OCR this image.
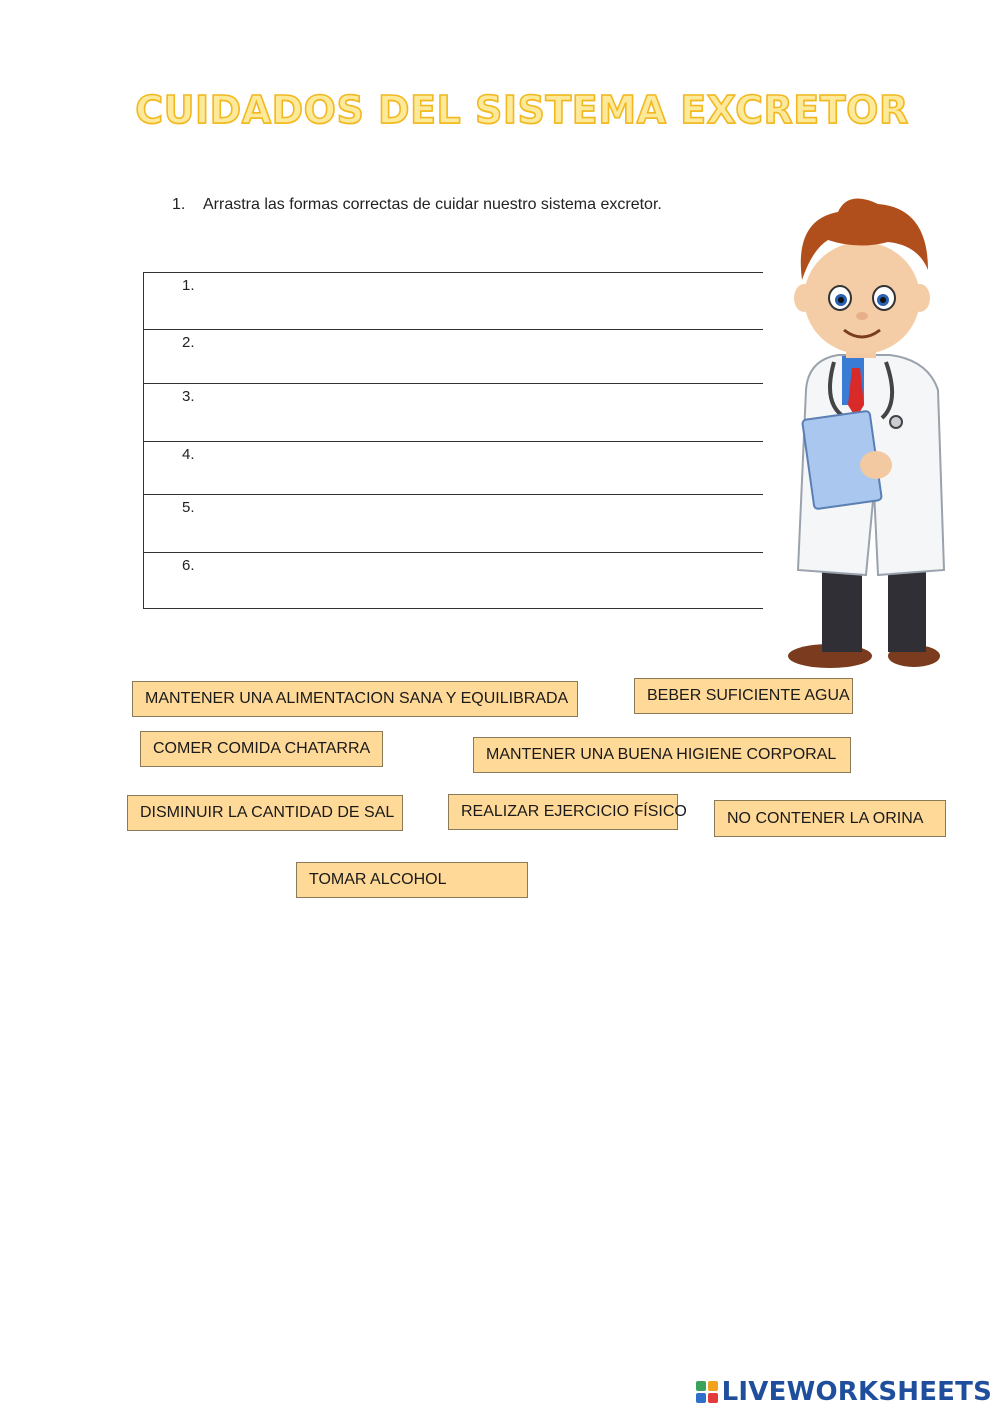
CUIDADOS DEL SISTEMA EXCRETOR
1. Arrastra las formas correctas de cuidar nuestro sistema excretor.
1.
2.
3.
4.
5.
6.
MANTENER UNA ALIMENTACION SANA Y EQUILIBRADA	BEBER SUFICIENTE AGUA
COMER COMIDA CHATARRA	MANTENER UNA BUENA HIGIENE CORPORAL
DISMINUIR LA CANTIDAD DE SAL	REALIZAR EJERCICIO FÍSICO	NO CONTENER LA ORINA
TOMAR ALCOHOL
LIVEWORKSHEETS
